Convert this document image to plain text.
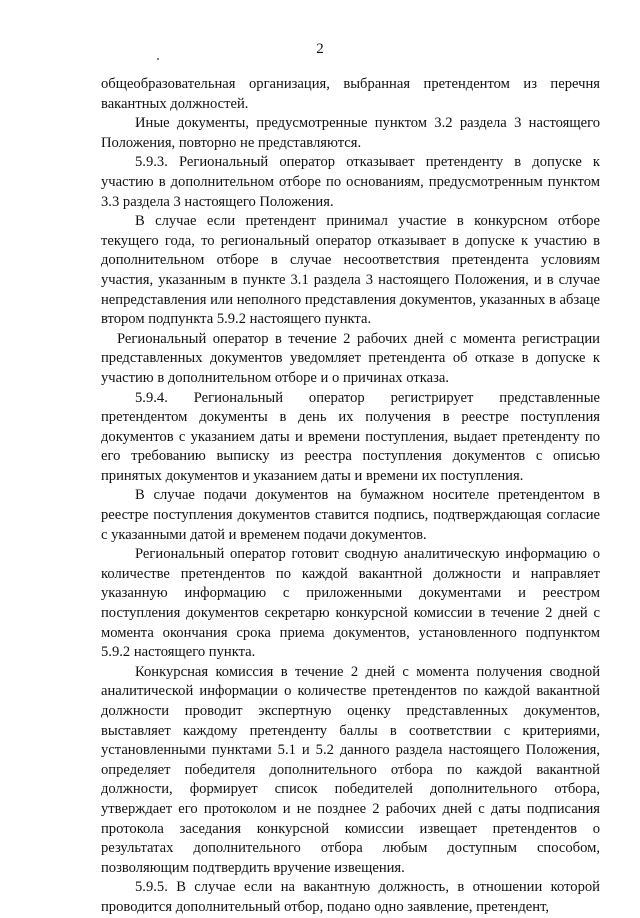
2

общеобразовательная организация, выбранная претендентом из перечня вакантных должностей.

Иные документы, предусмотренные пунктом 3.2 раздела 3 настоящего Положения, повторно не представляются.

5.9.3. Региональный оператор отказывает претенденту в допуске к участию в дополнительном отборе по основаниям, предусмотренным пунктом 3.3 раздела 3 настоящего Положения.

В случае если претендент принимал участие в конкурсном отборе текущего года, то региональный оператор отказывает в допуске к участию в дополнительном отборе в случае несоответствия претендента условиям участия, указанным в пункте 3.1 раздела 3 настоящего Положения, и в случае непредставления или неполного представления документов, указанных в абзаце втором подпункта 5.9.2 настоящего пункта.

Региональный оператор в течение 2 рабочих дней с момента регистрации представленных документов уведомляет претендента об отказе в допуске к участию в дополнительном отборе и о причинах отказа.

5.9.4. Региональный оператор регистрирует представленные претендентом документы в день их получения в реестре поступления документов с указанием даты и времени поступления, выдает претенденту по его требованию выписку из реестра поступления документов с описью принятых документов и указанием даты и времени их поступления.

В случае подачи документов на бумажном носителе претендентом в реестре поступления документов ставится подпись, подтверждающая согласие с указанными датой и временем подачи документов.

Региональный оператор готовит сводную аналитическую информацию о количестве претендентов по каждой вакантной должности и направляет указанную информацию с приложенными документами и реестром поступления документов секретарю конкурсной комиссии в течение 2 дней с момента окончания срока приема документов, установленного подпунктом 5.9.2 настоящего пункта.

Конкурсная комиссия в течение 2 дней с момента получения сводной аналитической информации о количестве претендентов по каждой вакантной должности проводит экспертную оценку представленных документов, выставляет каждому претенденту баллы в соответствии с критериями, установленными пунктами 5.1 и 5.2 данного раздела настоящего Положения, определяет победителя дополнительного отбора по каждой вакантной должности, формирует список победителей дополнительного отбора, утверждает его протоколом и не позднее 2 рабочих дней с даты подписания протокола заседания конкурсной комиссии извещает претендентов о результатах дополнительного отбора любым доступным способом, позволяющим подтвердить вручение извещения.

5.9.5. В случае если на вакантную должность, в отношении которой проводится дополнительный отбор, подано одно заявление, претендент,
